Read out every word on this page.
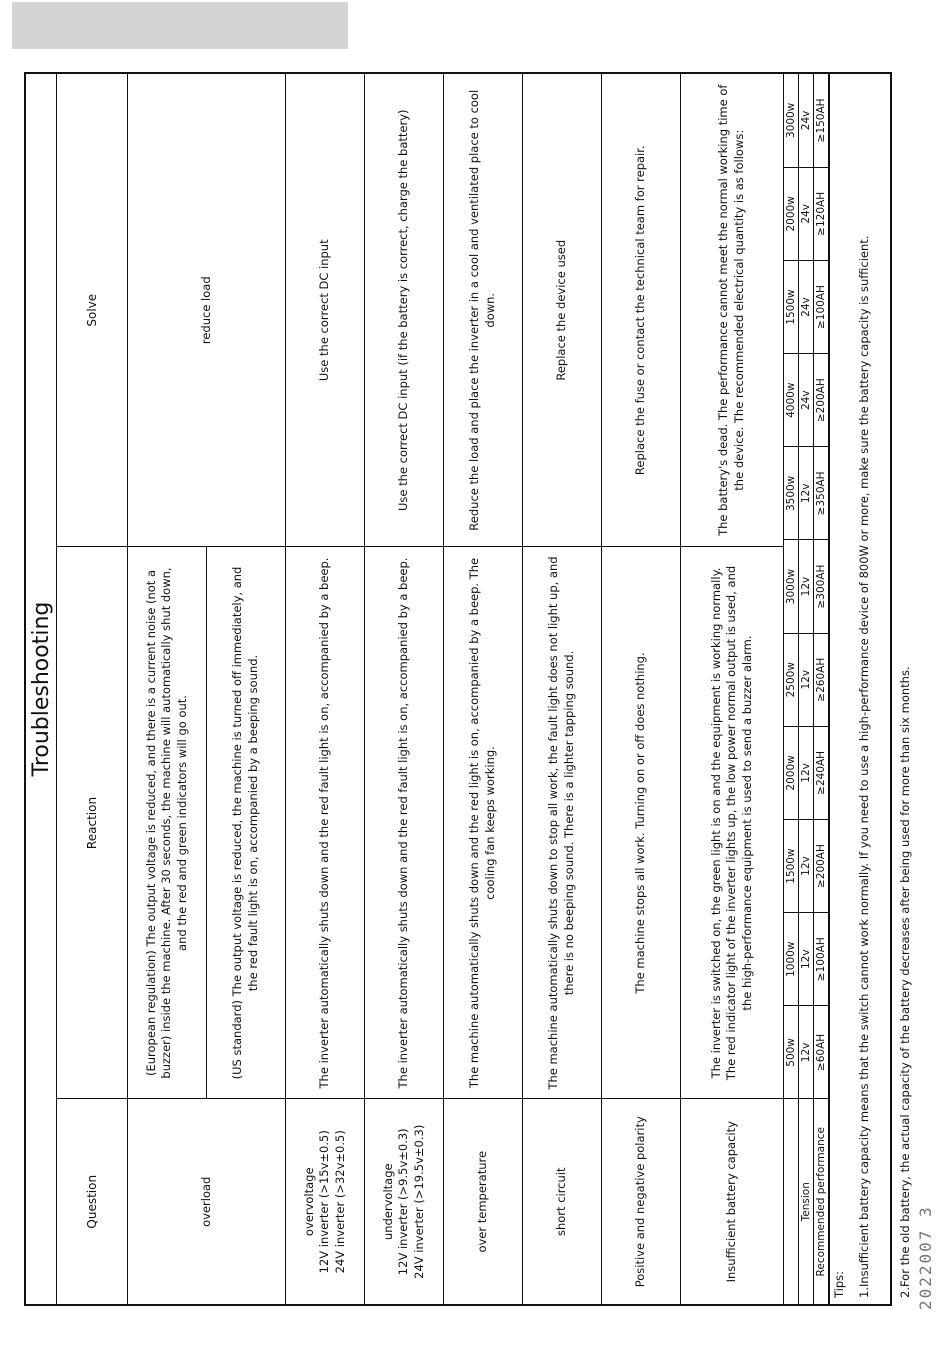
Troubleshooting
Question	Reaction	Solve
overload	(European regulation) The output voltage is reduced, and there is a current noise (not a buzzer) inside the machine. After 30 seconds, the machine will automatically shut down, and the red and green indicators will go out.	reduce load
	(US standard) The output voltage is reduced, the machine is turned off immediately, and the red fault light is on, accompanied by a beeping sound.	

overvoltage 12V inverter (>15v±0.5) 24V inverter (>32v±0.5)	The inverter automatically shuts down and the red fault light is on, accompanied by a beep.	Use the correct DC input

undervoltage 12V inverter (>9.5v±0.3) 24V inverter (>19.5v±0.3)	The inverter automatically shuts down and the red fault light is on, accompanied by a beep.	Use the correct DC input (if the battery is correct, charge the battery)
over temperature	The machine automatically shuts down and the red light is on, accompanied by a beep. The cooling fan keeps working.	Reduce the load and place the inverter in a cool and ventilated place to cool down.
short circuit	The machine automatically shuts down to stop all work, the fault light does not light up, and there is no beeping sound. There is a lighter tapping sound.	Replace the device used
Positive and negative polarity	The machine stops all work. Turning on or off does nothing.	Replace the fuse or contact the technical team for repair.
Insufficient battery capacity	The inverter is switched on, the green light is on and the equipment is working normally. The red indicator light of the inverter lights up, the low power normal output is used, and the high-performance equipment is used to send a buzzer alarm.	The battery's dead. The performance cannot meet the normal working time of the device. The recommended electrical quantity is as follows:
	500w	1000w	1500w	2000w	2500w	3000w	3500w	4000w	1500w	2000w	3000w
Tension	12v	12v	12v	12v	12v	12v	12v	24v	24v	24v	24v
Recommended performance	≥60AH	≥100AH	≥200AH	≥240AH	≥260AH	≥300AH	≥350AH	≥200AH	≥100AH	≥120AH	≥150AH
Tips: 1.Insufficient battery capacity means that the switch cannot work normally. If you need to use a high-performance device of 800W or more, make sure the battery capacity is sufficient. 2.For the old battery, the actual capacity of the battery decreases after being used for more than six months. 2022007 3
